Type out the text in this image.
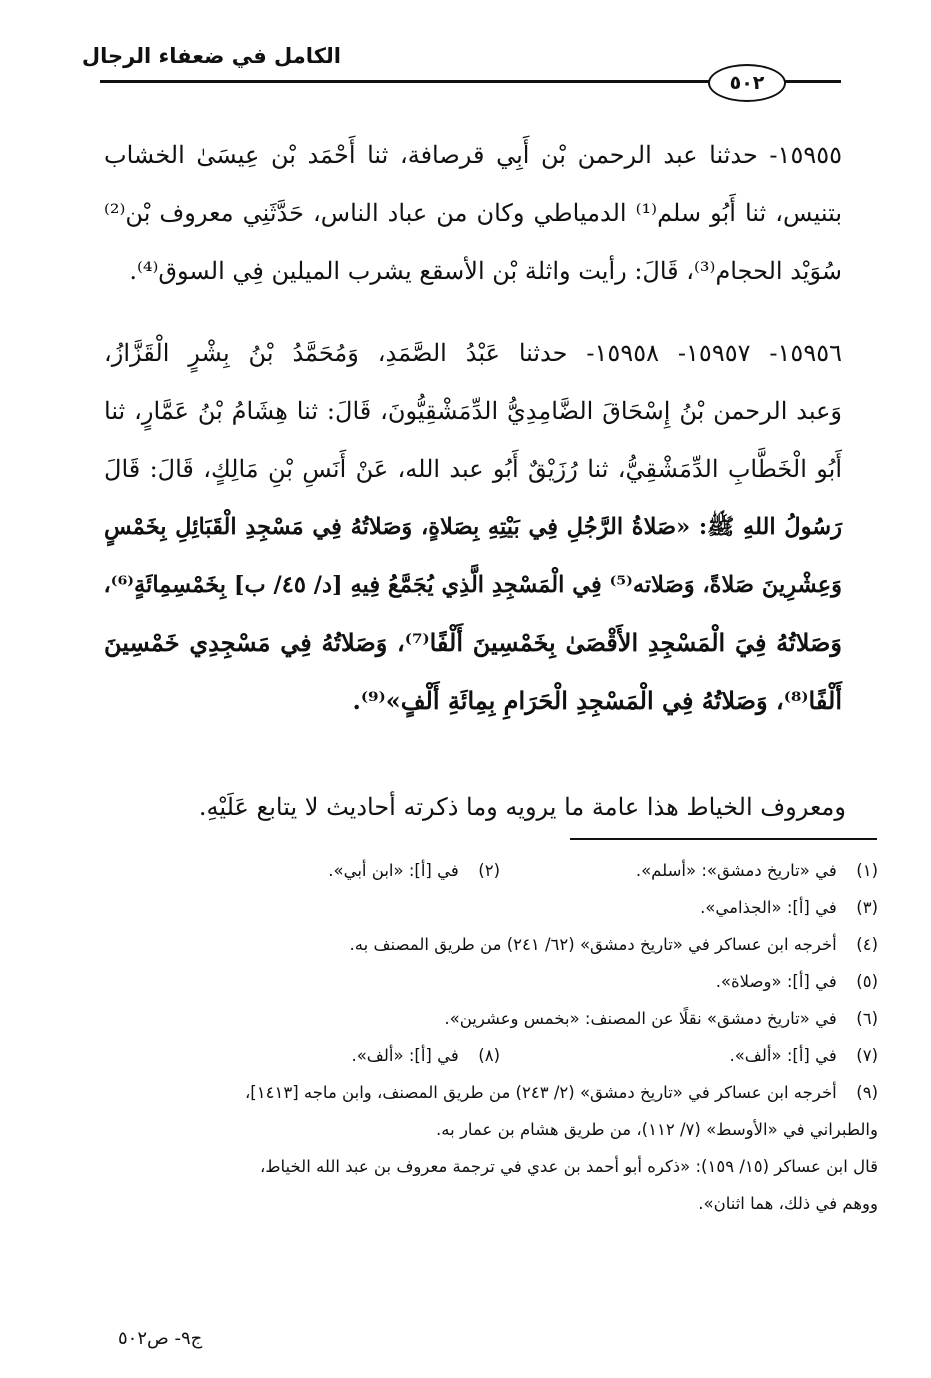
الكامل في ضعفاء الرجال
٥٠٢
١٥٩٥٥- حدثنا عبد الرحمن بْن أَبِي قرصافة، ثنا أَحْمَد بْن عِيسَىٰ الخشاب
بتنيس، ثنا أَبُو سلم⁽¹⁾ الدمياطي وكان من عباد الناس، حَدَّثَنِي معروف بْن⁽²⁾
سُوَيْد الحجام⁽³⁾، قَالَ: رأيت واثلة بْن الأسقع يشرب الميلين فِي السوق⁽⁴⁾.
١٥٩٥٦- ١٥٩٥٧- ١٥٩٥٨- حدثنا عَبْدُ الصَّمَدِ، وَمُحَمَّدُ بْنُ بِشْرٍ الْقَزَّازُ،
وَعبد الرحمن بْنُ إِسْحَاقَ الضَّامِدِيُّ الدِّمَشْقِيُّونَ، قَالَ: ثنا هِشَامُ بْنُ عَمَّارٍ، ثنا
أَبُو الْخَطَّابِ الدِّمَشْقِيُّ، ثنا رُزَيْقٌ أَبُو عبد الله، عَنْ أَنَسِ بْنِ مَالِكٍ، قَالَ: قَالَ
رَسُولُ اللهِ ﷺ: «صَلاةُ الرَّجُلِ فِي بَيْتِهِ بِصَلاةٍ، وَصَلاتُهُ فِي مَسْجِدِ الْقَبَائِلِ بِخَمْسٍ
وَعِشْرِينَ صَلاةً، وَصَلاته⁽⁵⁾ فِي الْمَسْجِدِ الَّذِي يُجَمَّعُ فِيهِ [د/ ٤٥/ ب] بِخَمْسِمِائَةٍ⁽⁶⁾،
وَصَلاتُهُ فِيَ الْمَسْجِدِ الأَقْصَىٰ بِخَمْسِينَ أَلْفًا⁽⁷⁾، وَصَلاتُهُ فِي مَسْجِدِي خَمْسِينَ
أَلْفًا⁽⁸⁾، وَصَلاتُهُ فِي الْمَسْجِدِ الْحَرَامِ بِمِائَةِ أَلْفٍ»⁽⁹⁾.
ومعروف الخياط هذا عامة ما يرويه وما ذكرته أحاديث لا يتابع عَلَيْهِ.
(١) في «تاريخ دمشق»: «أسلم».
(٢) في [أ]: «ابن أبي».
(٣) في [أ]: «الجذامي».
(٤) أخرجه ابن عساكر في «تاريخ دمشق» (٦٢/ ٢٤١) من طريق المصنف به.
(٥) في [أ]: «وصلاة».
(٦) في «تاريخ دمشق» نقلًا عن المصنف: «بخمس وعشرين».
(٧) في [أ]: «ألف».
(٨) في [أ]: «ألف».
(٩) أخرجه ابن عساكر في «تاريخ دمشق» (٢/ ٢٤٣) من طريق المصنف، وابن ماجه [١٤١٣]،
والطبراني في «الأوسط» (٧/ ١١٢)، من طريق هشام بن عمار به.
قال ابن عساكر (١٥/ ١٥٩): «ذكره أبو أحمد بن عدي في ترجمة معروف بن عبد الله الخياط،
ووهم في ذلك، هما اثنان».
ج٩- ص٥٠٢
